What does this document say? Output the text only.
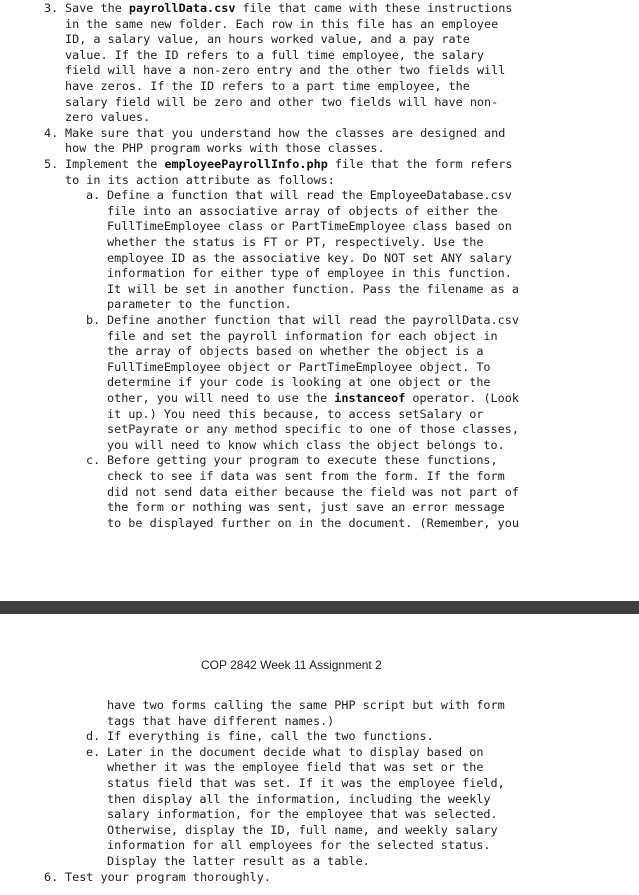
3. Save the payrollData.csv file that came with these instructions
in the same new folder. Each row in this file has an employee
ID, a salary value, an hours worked value, and a pay rate
value. If the ID refers to a full time employee, the salary
field will have a non-zero entry and the other two fields will
have zeros. If the ID refers to a part time employee, the
salary field will be zero and other two fields will have non-
zero values.
4. Make sure that you understand how the classes are designed and
how the PHP program works with those classes.
5. Implement the employeePayrollInfo.php file that the form refers
to in its action attribute as follows:
a. Define a function that will read the EmployeeDatabase.csv
file into an associative array of objects of either the
FullTimeEmployee class or PartTimeEmployee class based on
whether the status is FT or PT, respectively. Use the
employee ID as the associative key. Do NOT set ANY salary
information for either type of employee in this function.
It will be set in another function. Pass the filename as a
parameter to the function.
b. Define another function that will read the payrollData.csv
file and set the payroll information for each object in
the array of objects based on whether the object is a
FullTimeEmployee object or PartTimeEmployee object. To
determine if your code is looking at one object or the
other, you will need to use the instanceof operator. (Look
it up.) You need this because, to access setSalary or
setPayrate or any method specific to one of those classes,
you will need to know which class the object belongs to.
c. Before getting your program to execute these functions,
check to see if data was sent from the form. If the form
did not send data either because the field was not part of
the form or nothing was sent, just save an error message
to be displayed further on in the document. (Remember, you
COP 2842 Week 11 Assignment 2
have two forms calling the same PHP script but with form
tags that have different names.)
d. If everything is fine, call the two functions.
e. Later in the document decide what to display based on
whether it was the employee field that was set or the
status field that was set. If it was the employee field,
then display all the information, including the weekly
salary information, for the employee that was selected.
Otherwise, display the ID, full name, and weekly salary
information for all employees for the selected status.
Display the latter result as a table.
6. Test your program thoroughly.
